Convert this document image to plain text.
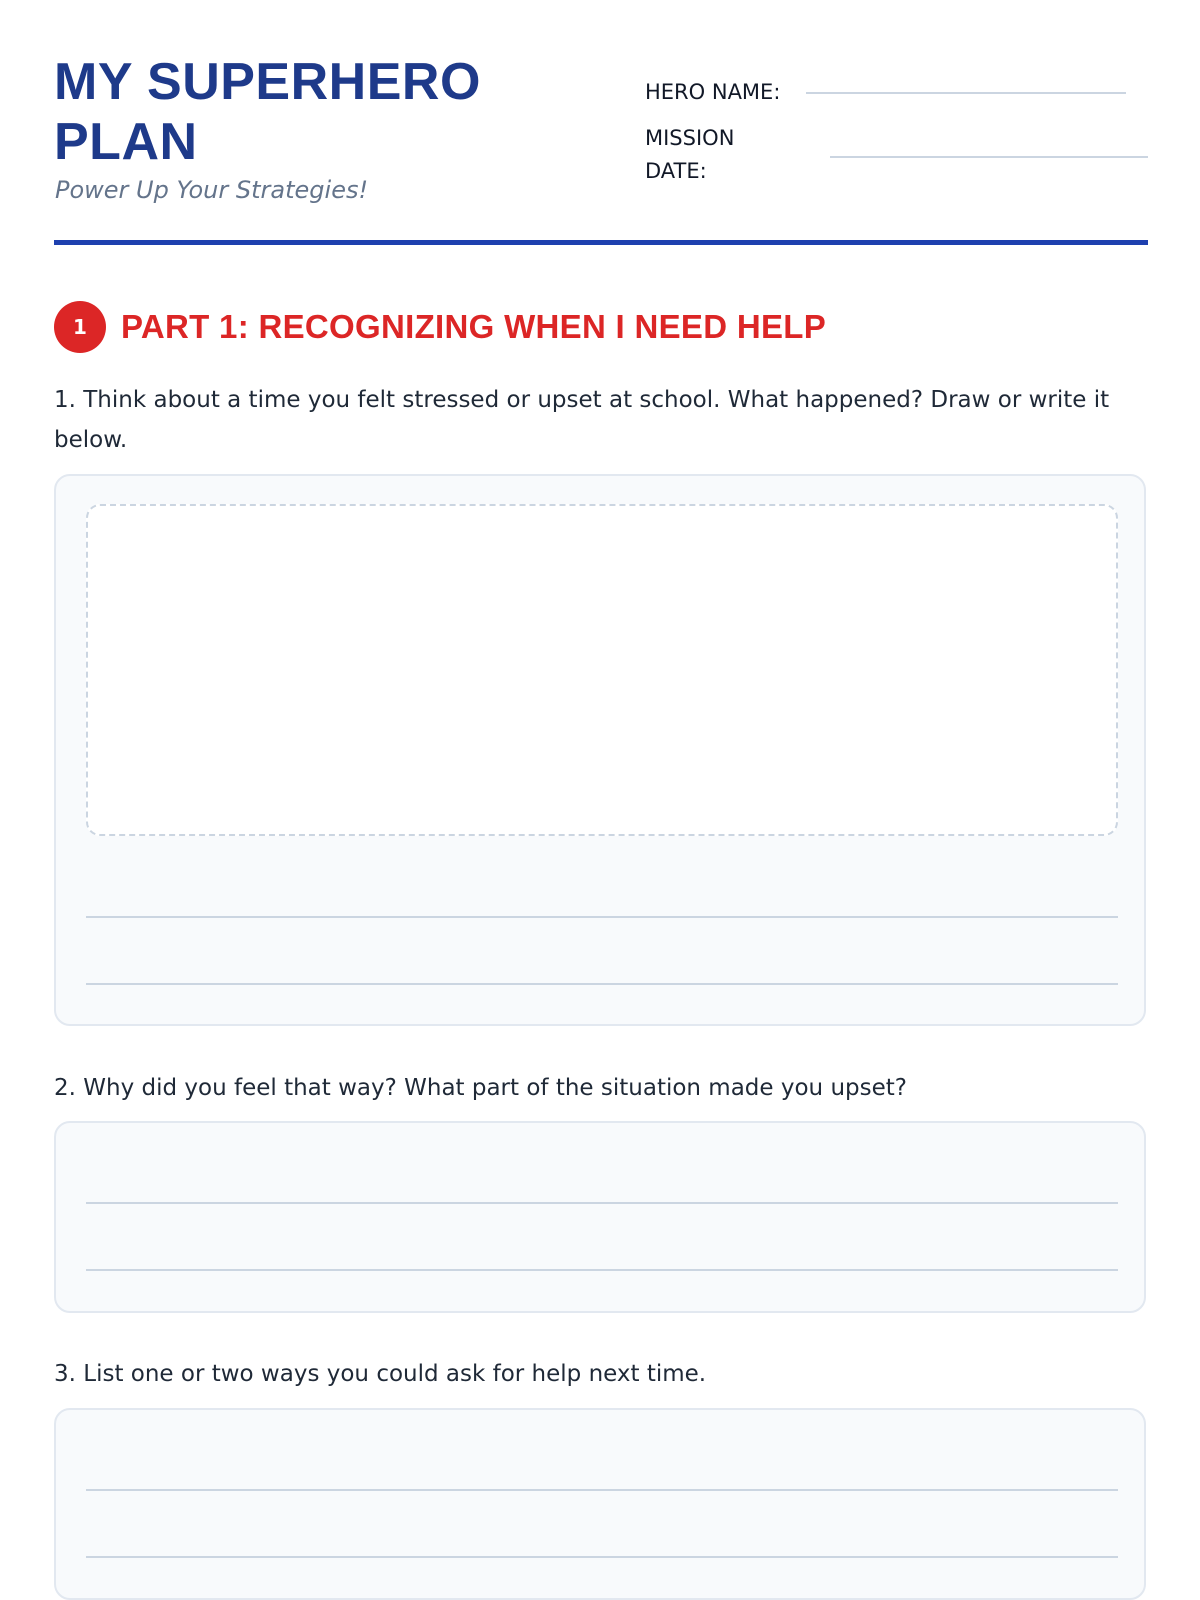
MY SUPERHERO PLAN
Power Up Your Strategies!
HERO NAME:
MISSION
DATE:
1	PART 1: RECOGNIZING WHEN I NEED HELP

1. Think about a time you felt stressed or upset at school. What happened? Draw or write it below.

2. Why did you feel that way? What part of the situation made you upset?

3. List one or two ways you could ask for help next time.
